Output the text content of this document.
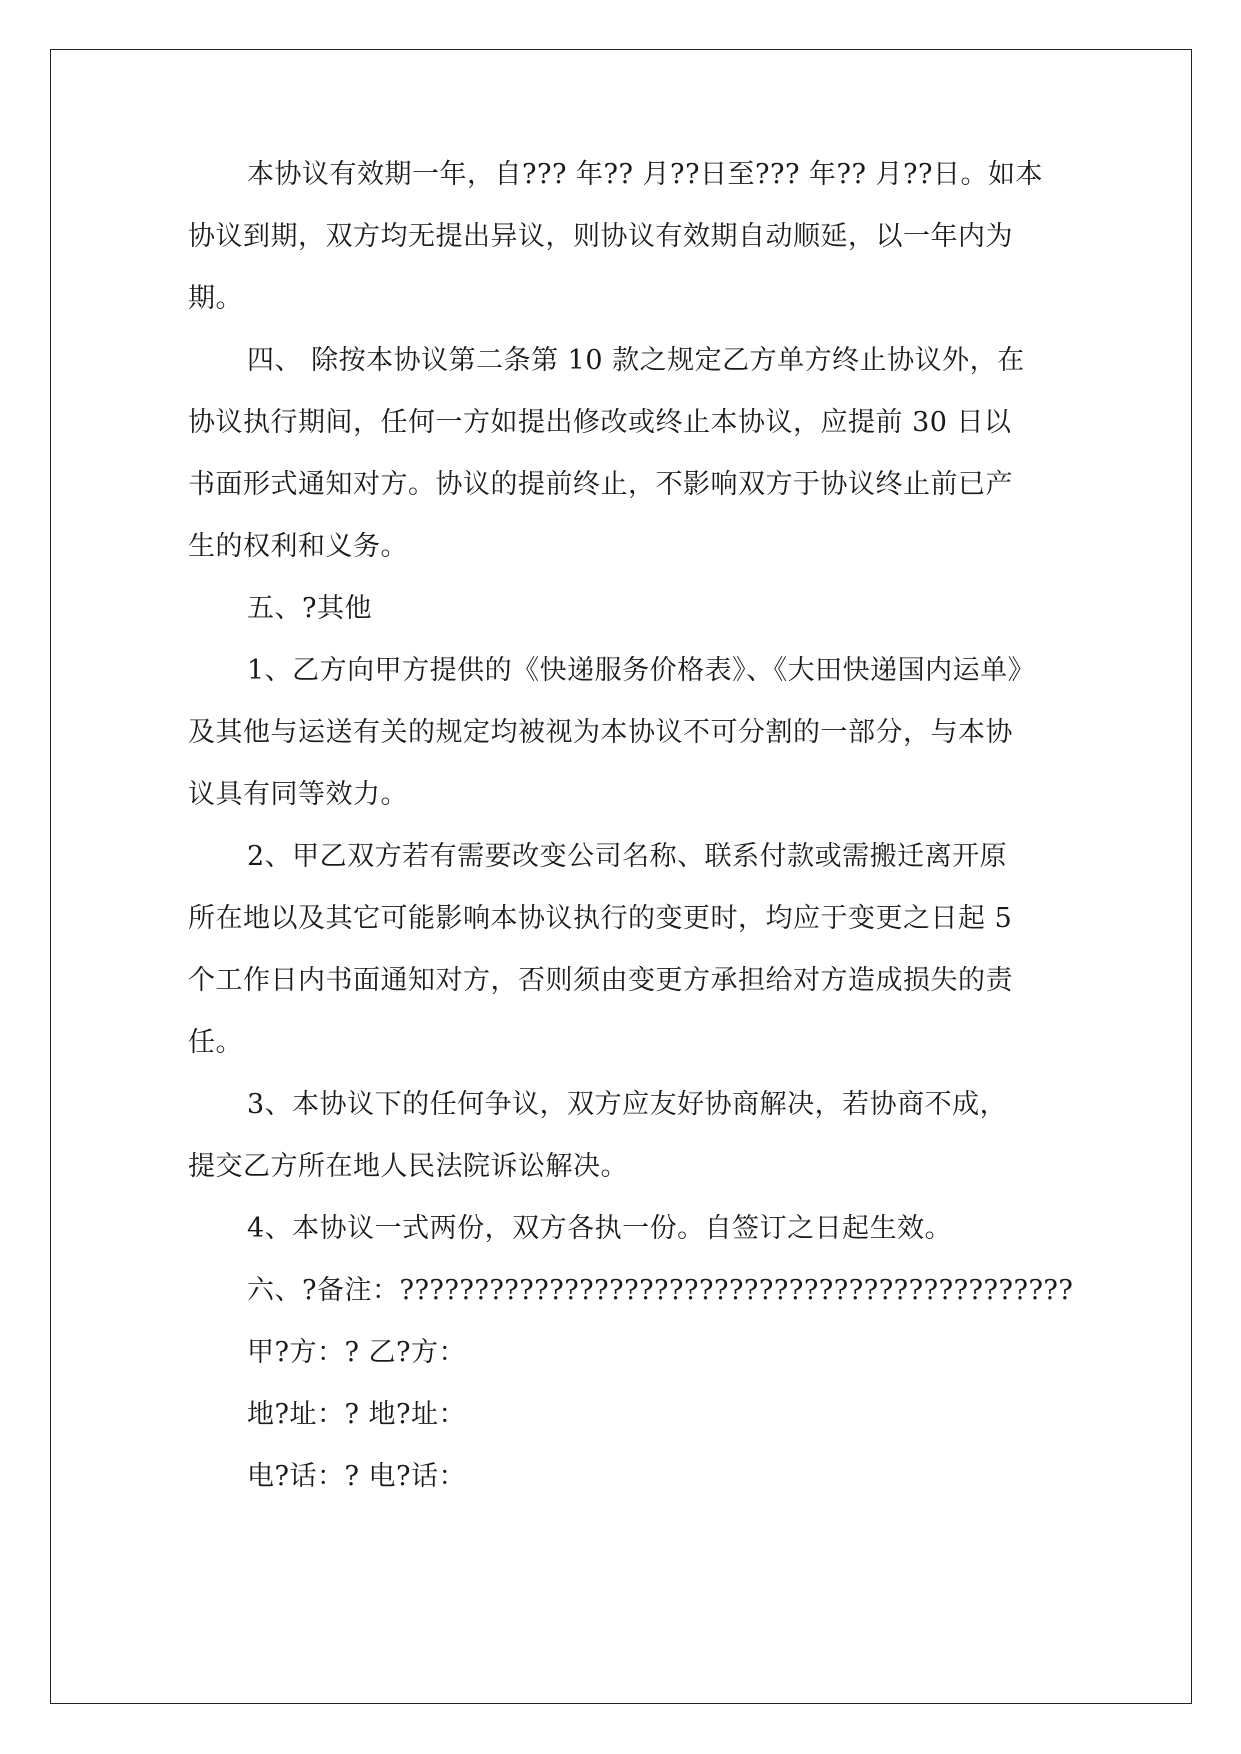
本协议有效期一年，自??? 年?? 月??日至??? 年?? 月??日。如本
协议到期，双方均无提出异议，则协议有效期自动顺延，以一年内为
期。
四、 除按本协议第二条第 10 款之规定乙方单方终止协议外，在
协议执行期间，任何一方如提出修改或终止本协议，应提前 30 日以
书面形式通知对方。协议的提前终止，不影响双方于协议终止前已产
生的权利和义务。
五、?其他
1、乙方向甲方提供的《快递服务价格表》、《大田快递国内运单》
及其他与运送有关的规定均被视为本协议不可分割的一部分，与本协
议具有同等效力。
2、甲乙双方若有需要改变公司名称、联系付款或需搬迁离开原
所在地以及其它可能影响本协议执行的变更时，均应于变更之日起 5
个工作日内书面通知对方，否则须由变更方承担给对方造成损失的责
任。
3、本协议下的任何争议，双方应友好协商解决，若协商不成，
提交乙方所在地人民法院诉讼解决。
4、本协议一式两份，双方各执一份。自签订之日起生效。
六、?备注：?????????????????????????????????????????????
甲?方：? 乙?方：
地?址：? 地?址：
电?话：? 电?话：
